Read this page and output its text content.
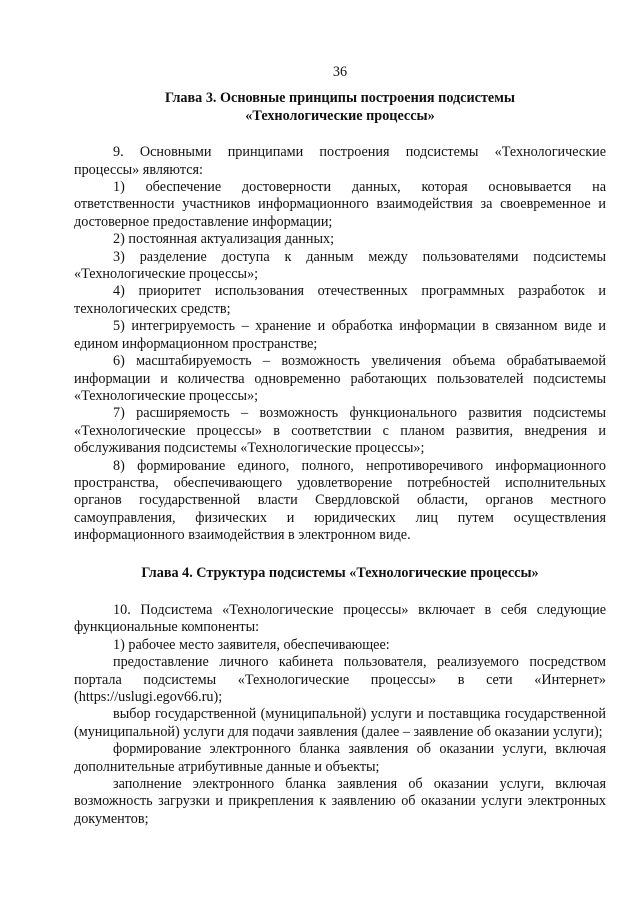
36
Глава 3. Основные принципы построения подсистемы
«Технологические процессы»

9. Основными принципами построения подсистемы «Технологические процессы» являются:

1) обеспечение достоверности данных, которая основывается на ответственности участников информационного взаимодействия за своевременное и достоверное предоставление информации;

2) постоянная актуализация данных;

3) разделение доступа к данным между пользователями подсистемы «Технологические процессы»;

4) приоритет использования отечественных программных разработок и технологических средств;

5) интегрируемость – хранение и обработка информации в связанном виде и едином информационном пространстве;

6) масштабируемость – возможность увеличения объема обрабатываемой информации и количества одновременно работающих пользователей подсистемы «Технологические процессы»;

7) расширяемость – возможность функционального развития подсистемы «Технологические процессы» в соответствии с планом развития, внедрения и обслуживания подсистемы «Технологические процессы»;

8) формирование единого, полного, непротиворечивого информационного пространства, обеспечивающего удовлетворение потребностей исполнительных органов государственной власти Свердловской области, органов местного самоуправления, физических и юридических лиц путем осуществления информационного взаимодействия в электронном виде.

Глава 4. Структура подсистемы «Технологические процессы»

10. Подсистема «Технологические процессы» включает в себя следующие функциональные компоненты:

1) рабочее место заявителя, обеспечивающее:

предоставление личного кабинета пользователя, реализуемого посредством портала подсистемы «Технологические процессы» в сети «Интернет» (https://uslugi.egov66.ru);

выбор государственной (муниципальной) услуги и поставщика государственной (муниципальной) услуги для подачи заявления (далее – заявление об оказании услуги);

формирование электронного бланка заявления об оказании услуги, включая дополнительные атрибутивные данные и объекты;

заполнение электронного бланка заявления об оказании услуги, включая возможность загрузки и прикрепления к заявлению об оказании услуги электронных документов;
